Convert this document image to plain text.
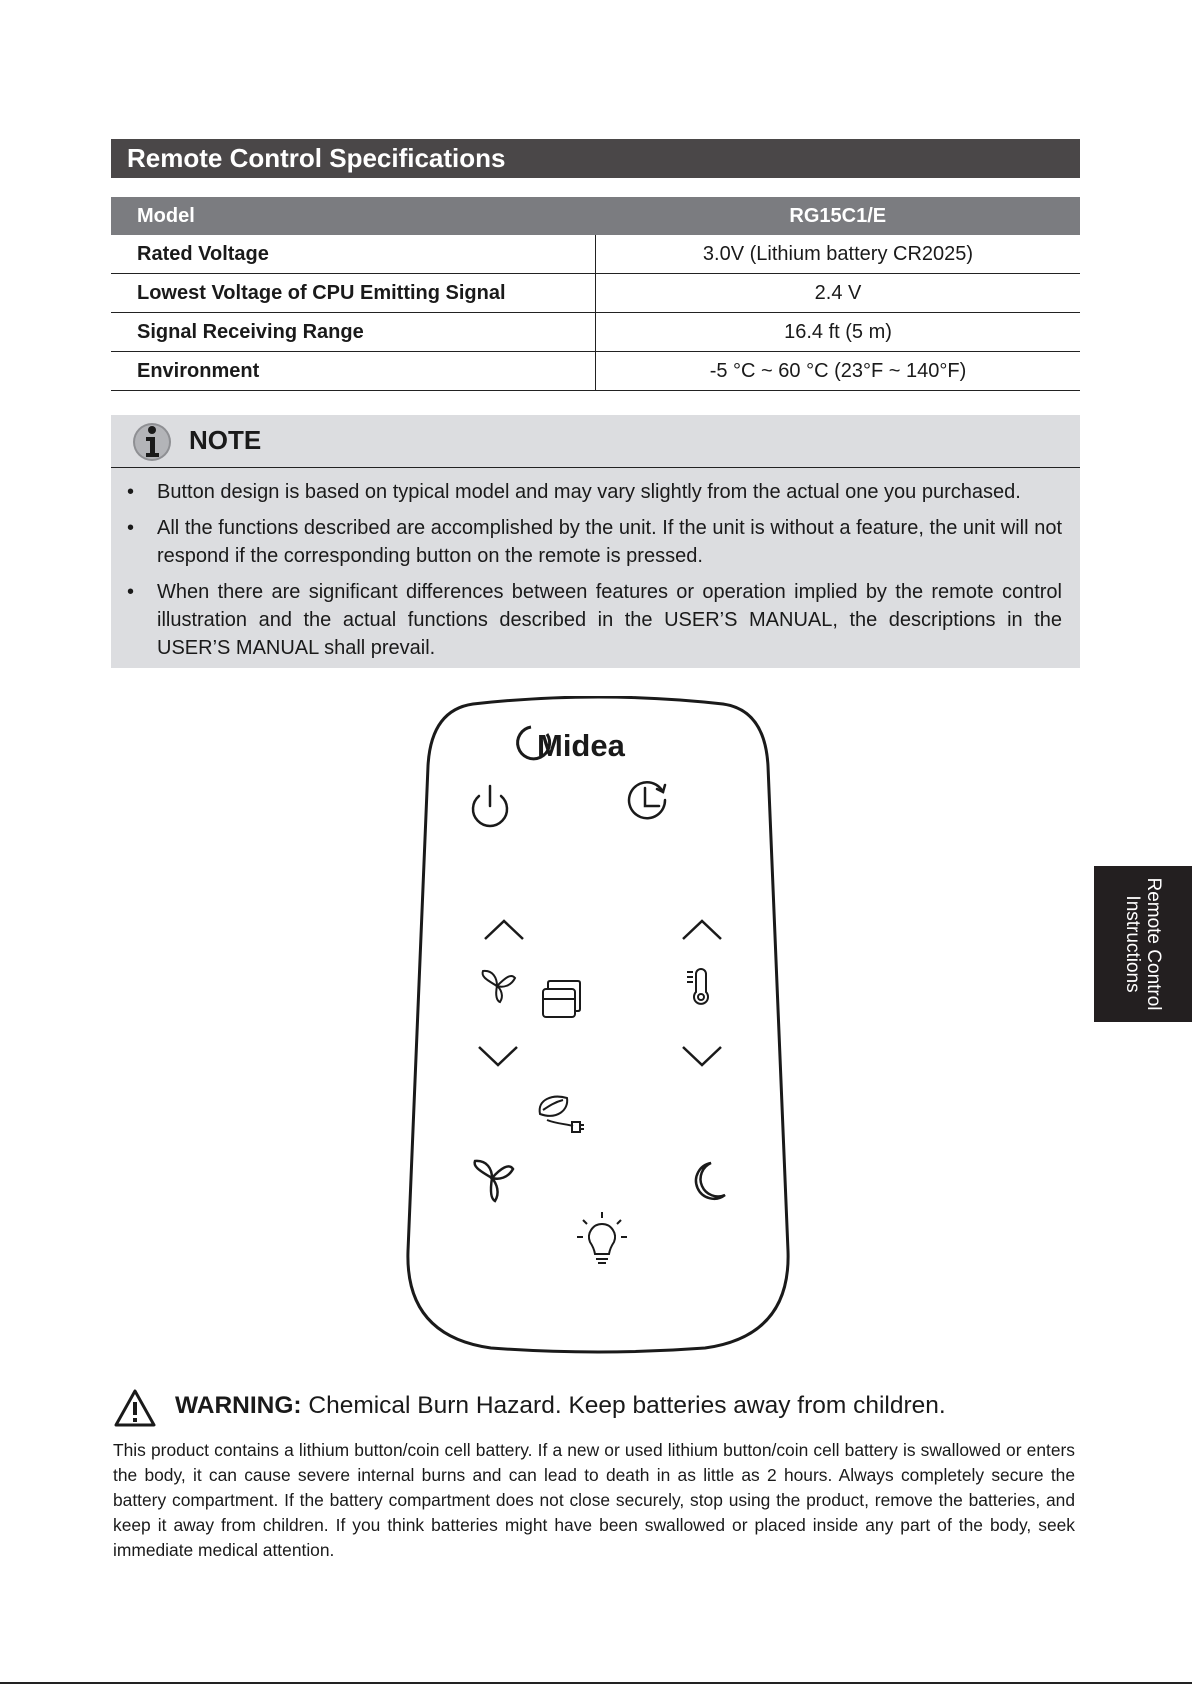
Remote Control Specifications
Model	RG15C1/E
Rated Voltage	3.0V (Lithium battery CR2025)
Lowest Voltage of CPU Emitting Signal	2.4 V
Signal Receiving Range	16.4 ft (5 m)
Environment	-5 °C ~ 60 °C (23°F ~ 140°F)
NOTE
• Button design is based on typical model and may vary slightly from the actual one you purchased.
• All the functions described are accomplished by the unit. If the unit is without a feature, the unit will not respond if the corresponding button on the remote is pressed.
• When there are significant differences between features or operation implied by the remote control illustration and the actual functions described in the USER’S MANUAL, the descriptions in the USER’S MANUAL shall prevail.
Midea
WARNING: Chemical Burn Hazard. Keep batteries away from children.
This product contains a lithium button/coin cell battery. If a new or used lithium button/coin cell battery is swallowed or enters the body, it can cause severe internal burns and can lead to death in as little as 2 hours. Always completely secure the battery compartment. If the battery compartment does not close securely, stop using the product, remove the batteries, and keep it away from children. If you think batteries might have been swallowed or placed inside any part of the body, seek immediate medical attention.
Remote Control
Instructions
